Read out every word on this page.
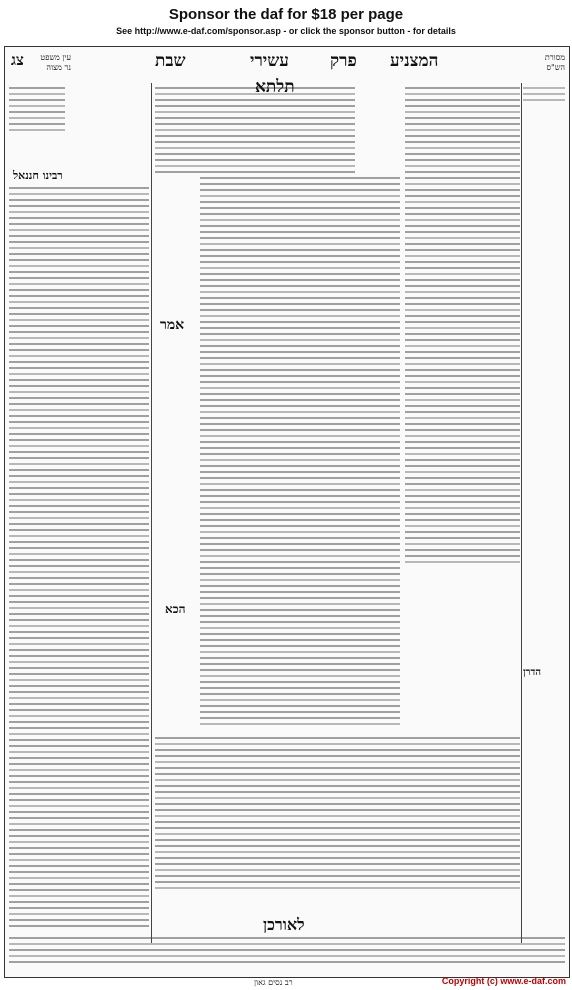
Sponsor the daf for $18 per page
See http://www.e-daf.com/sponsor.asp - or click the sponsor button - for details
צג	שבת	עשירי פרק המצניע
עין משפט נר מצוה
מסורת הש"ס
רבינו חננאל
תלתא
אמר
הכא
לאורכן
הדרן
רב נסים גאון	Copyright (c) www.e-daf.com
